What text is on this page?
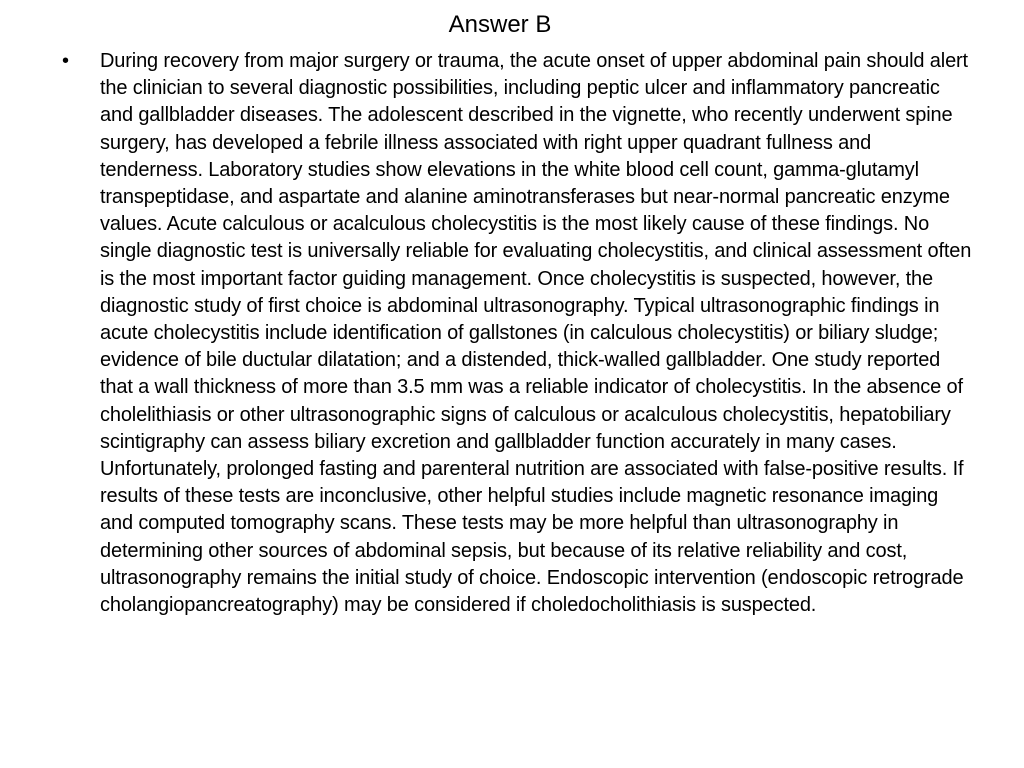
Answer B
• During recovery from major surgery or trauma, the acute onset of upper abdominal pain should alert the clinician to several diagnostic possibilities, including peptic ulcer and inflammatory pancreatic and gallbladder diseases. The adolescent described in the vignette, who recently underwent spine surgery, has developed a febrile illness associated with right upper quadrant fullness and tenderness. Laboratory studies show elevations in the white blood cell count, gamma-glutamyl transpeptidase, and aspartate and alanine aminotransferases but near-normal pancreatic enzyme values. Acute calculous or acalculous cholecystitis is the most likely cause of these findings. No single diagnostic test is universally reliable for evaluating cholecystitis, and clinical assessment often is the most important factor guiding management. Once cholecystitis is suspected, however, the diagnostic study of first choice is abdominal ultrasonography. Typical ultrasonographic findings in acute cholecystitis include identification of gallstones (in calculous cholecystitis) or biliary sludge; evidence of bile ductular dilatation; and a distended, thick-walled gallbladder. One study reported that a wall thickness of more than 3.5 mm was a reliable indicator of cholecystitis. In the absence of cholelithiasis or other ultrasonographic signs of calculous or acalculous cholecystitis, hepatobiliary scintigraphy can assess biliary excretion and gallbladder function accurately in many cases. Unfortunately, prolonged fasting and parenteral nutrition are associated with false-positive results. If results of these tests are inconclusive, other helpful studies include magnetic resonance imaging and computed tomography scans. These tests may be more helpful than ultrasonography in determining other sources of abdominal sepsis, but because of its relative reliability and cost, ultrasonography remains the initial study of choice. Endoscopic intervention (endoscopic retrograde cholangiopancreatography) may be considered if choledocholithiasis is suspected.
